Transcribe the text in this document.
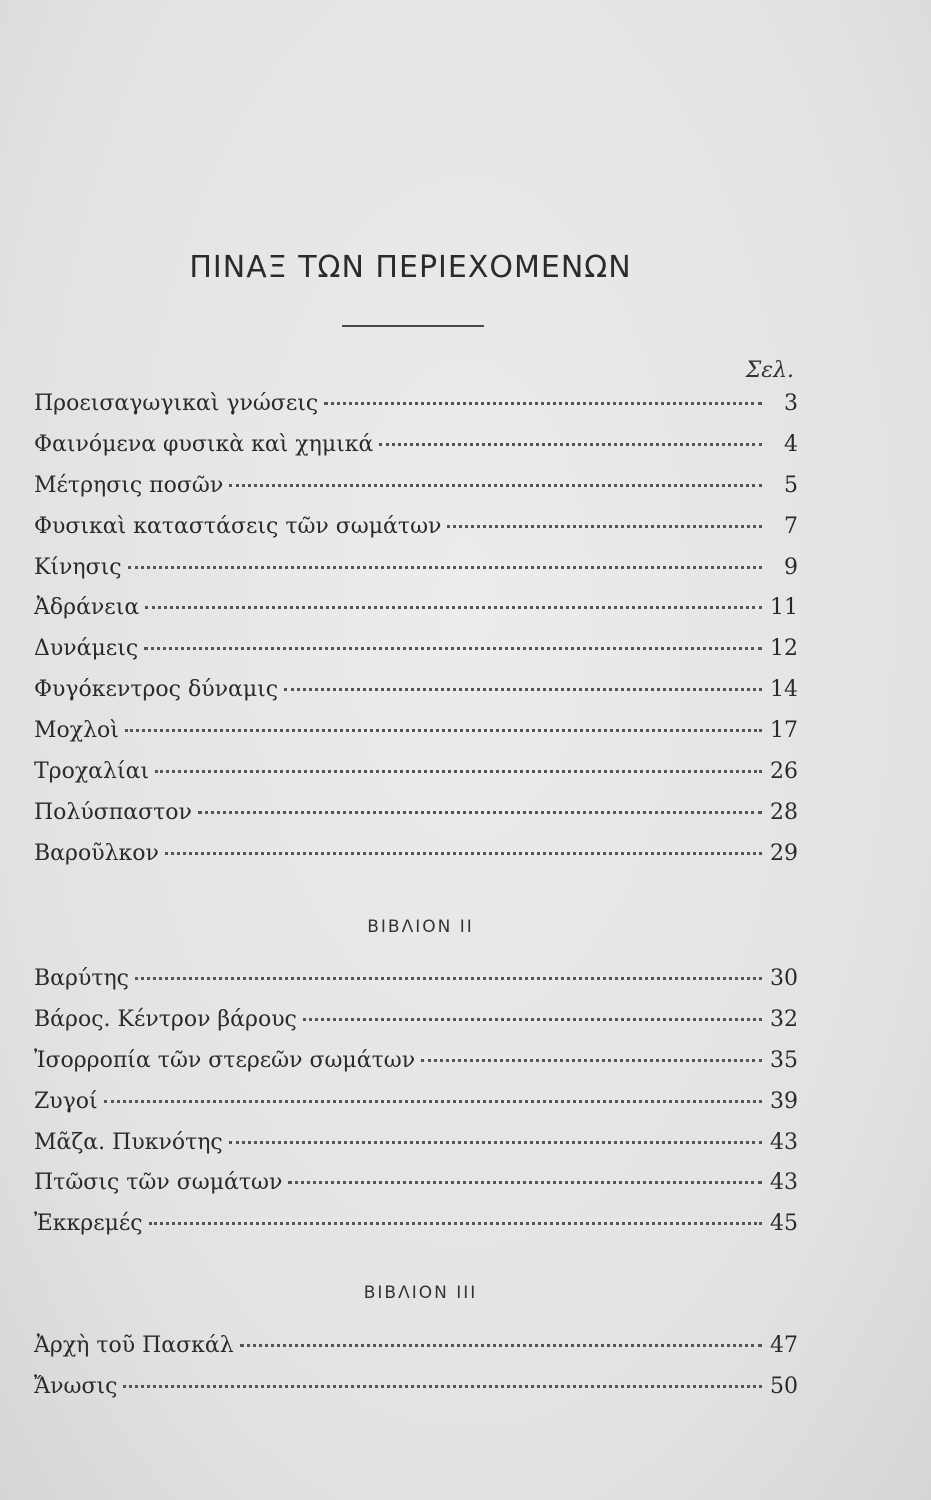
ΠΙΝΑΞ ΤΩΝ ΠΕΡΙΕΧΟΜΕΝΩΝ
Σελ.
Προεισαγωγικαὶ γνώσεις	3
Φαινόμενα φυσικὰ καὶ χημικά	4
Μέτρησις ποσῶν	5
Φυσικαὶ καταστάσεις τῶν σωμάτων	7
Κίνησις	9
Ἀδράνεια	11
Δυνάμεις	12
Φυγόκεντρος δύναμις	14
Μοχλοὶ	17
Τροχαλίαι	26
Πολύσπαστον	28
Βαροῦλκον	29
ΒΙΒΛΙΟΝ ΙΙ
Βαρύτης	30
Βάρος. Κέντρον βάρους	32
Ἰσορροπία τῶν στερεῶν σωμάτων	35
Ζυγοί	39
Μᾶζα. Πυκνότης	43
Πτῶσις τῶν σωμάτων	43
Ἐκκρεμές	45
ΒΙΒΛΙΟΝ ΙΙΙ
Ἀρχὴ τοῦ Πασκάλ	47
Ἄνωσις	50
